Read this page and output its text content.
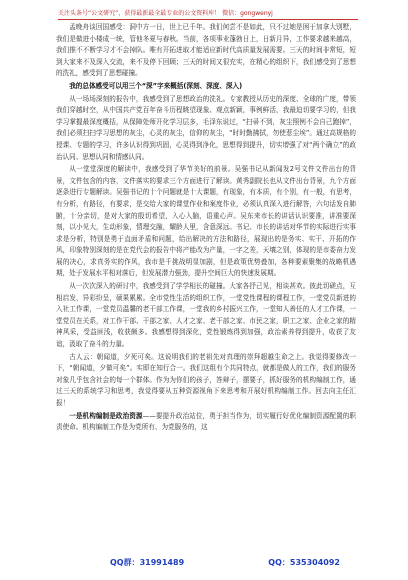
关注头条号“公文研究”，获得最新最全最专业的公文资料库！ 微信：gongwenyj

孟晚舟谈回国感受：洞中方一日，世上已千年。我们何尝不是如此，只不过她是困于加拿大别墅，我们是做进小楼成一统，管他冬夏与春秋。当前，各项事业蓬勃日上，日新月异，工作要求越来越高，我们推不不断学习才不会掉队。唯有开拓进取才能适应新时代高质量发展需要。三天的时间非常短，短到大家来不及深入交流，来不及停下回顾；三天的时间又很充实，在精心的组织下，我们感受到了思想的洗礼，感受到了思想碰撞。

我的总体感受可以用三个“深”字来概括(深刻、深度、深入)

从一场场深刻的报告中，我感受到了思想政治的洗礼。专家教授从历史的深度、全球的广度，带领我们穿越时空，从中国共产党百年奋斗历程眺望现象、观点新颖，事例鲜活，我最迫切要学习的，但我学习掌握最深度概括，从保障处师开化学习层多，毛泽东说过，“扫帚不到，灰尘照例不会自己跑掉”，我们必须扫扫学习思想的灰尘，心灵的灰尘，信仰的灰尘，“时时勤拂拭，勿使惹尘埃”。通过高规格的授课、专题的学习，许多认识得到巩固，心灵得到净化，思想得到提升，切实增强了对“两个确立”的政治认同、思想认同和情感认同。

从一堂堂深度的解读中，我感受到了华节美好的前景。吴强书记从新闻发2号文件文件出台的背景，文件包含的内容，文件落实的要求三个方面进行了解读。黄秀副院长也从文件出台背景，九个方面逐条进行专题解读。吴强书记的十个问题就是十大课题，有现象，有本质，有个别，有一般，有思考，有分析，有路径，有要求，是交给大家的课堂作业和案度作业，必须认真深入进行解答，六句话发自肺腑，十分亲切，是对大家的殷切希望，入心入脑，语重心声。吴东来市长的讲话认识要准，讲准要深刻，以小见大，生动形象，情理交融，耀龄人里，含意深远。书记、市长的讲话对华节的实际进行实事求是分析，特别是勇于直面矛盾和问题，给出解决的方法和路径，展现出的是务实、实干、开拓的作风，印象特别深刻的是在党代会的报告中将产能改为产量，一字之差，天壤之别，体现的是市委奋力发展的决心，求真务实的作风，我市是千挑战明显加剧，但是政策优势叠加，各种要素聚集的战略机遇期，处于发展水平相对落后，但发展潜力强劲，提升空间巨大的快速发展期。

从一次次深入的研讨中，我感受到了学学相长的碰撞。大家各抒己见，相谈甚欢。彼此切磋点，互相启发，异彩纷呈，硕果累累。全市党性生活的组织工作，一堂党性课程的课程工作，一堂党员新进的入社工作课，一堂党员温馨的老干部工作课，一堂我的乡村振兴工作，一堂知人善任的人才工作课，一堂党员在关系，对工作干部、干部之家、人才之家、老干部之家、市民之家，职工之家、企业之家的精神风采，受益匪浅，收获颇多。我感想得到深化，党性锻炼得到加强，政治素养得到提升，收获了友谊，汲取了奋斗的力量。

古人云：朝闻道，夕死可矣。这说明我们的老祖先对真理的崇拜超越生命之上。我觉得要修改一下，“朝闻道，夕做可矣”。实即在知行合一。我们这组有个共同特点，就都是做人的工作，我们的服务对象几乎包含社会的每一个群体。作为为你们的孩子，答辩子，摆要子，抓好服务的机构编制工作，通过三天的系统学习和思考，我觉得要从五种资源视角下来思考和开展好机构编制工作。回去向主任汇报！

一是机构编制是政治资源——要提升政治站位，勇于担当作为，切实履行好优化编制资源配置的职责使命。机构编制工作是为党所有、为党服务的，这

QQ群：31991489	QQ：535304092
